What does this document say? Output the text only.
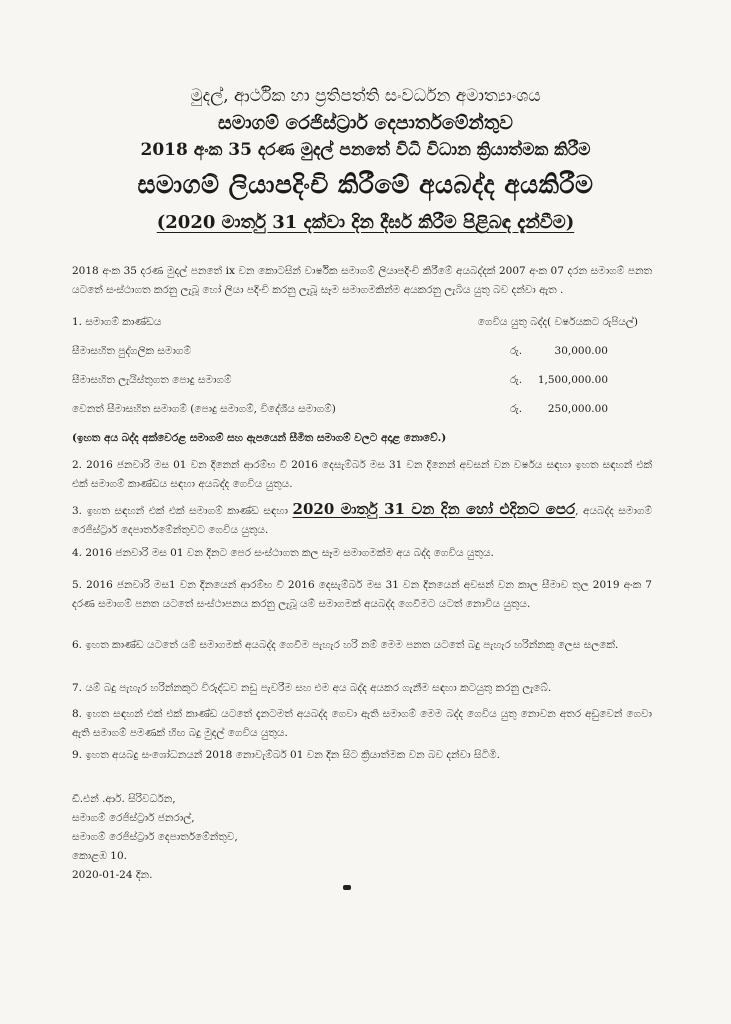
මුදල්, ආර්ථික හා ප්‍රතිපත්ති සංවර්ධන අමාත්‍යාංශය
සමාගම් රෙජිස්ට්‍රාර් දෙපාර්තමේන්තුව
2018 අංක 35 දරණ මුදල් පනතේ විධි විධාන ක්‍රියාත්මක කිරීම
සමාගම් ලියාපදිංචි කිරීමේ අයබද්ද අයකිරීම
(2020 මාර්තු 31 දක්වා දින දීර්ඝ කිරීම පිළිබඳ දැන්වීම)
2018 අංක 35 දරණ මුදල් පනතේ ix වන කොටසින් වාර්ෂික සමාගම් ලියාපදිංචි කිරීමේ අයබද්දක් 2007 අංක 07 දරන සමාගම් පනත යටතේ සංස්ථාගත කරනු ලැබූ හෝ ලියා පදිංචි කරනු ලැබූ සෑම සමාගමකින්ම අයකරනු ලැබිය යුතු බව දන්වා ඇත .
1. සමාගම් කාණ්ඩය	ගෙවිය යුතු බද්ද( වර්ෂයකට රුපියල්)
සීමාසහිත පුද්ගලික සමාගම්	රු.	30,000.00
සීමාසහිත ලැයිස්තුගත පොදු සමාගම්	රු. 1,500,000.00
වෙනත් සීමාසහිත සමාගම් (පොදු සමාගම්, විදේශීය සමාගම්)	රු. 250,000.00
(ඉහත අය බද්ද අක්වෙරළ සමාගම් සහ ඇපයෙන් සීමිත සමාගම් වලට අදාළ නොවේ.)
2. 2016 ජනවාරි මස 01 වන දිනෙන් ආරම්භ වී 2016 දෙසැම්බර් මස 31 වන දිනෙන් අවසන් වන වර්ෂය සඳහා ඉහත සඳහන් එක් එක් සමාගම් කාණ්ඩය සඳහා අයබද්ද ගෙවිය යුතුය.
3. ඉහත සඳහන් එක් එක් සමාගම් කාණ්ඩ සඳහා 2020 මාර්තු 31 වන දින හෝ එදිනට පෙර, අයබද්ද සමාගම් රෙජිස්ට්‍රාර් දෙපාර්තමේන්තුවට ගෙවිය යුතුය.
4. 2016 ජනවාරි මස 01 වන දිනට පෙර සංස්ථාගත කල සෑම සමාගමක්ම අය බද්ද ගෙවිය යුතුය.
5. 2016 ජනවාරි මස1 වන දිනයෙන් ආරම්භ වී 2016 දෙසැම්බර් මස 31 වන දිනයෙන් අවසන් වන කාල සීමාව තුල 2019 අංක 7 දරණ සමාගම් පනත යටතේ සංස්ථාපනය කරනු ලැබූ යම් සමාගමක් අයබද්ද ගෙවීමට යටත් නොවිය යුතුය.
6. ඉහත කාණ්ඩ යටතේ යම් සමාගමක් අයබද්ද ගෙවීම පැහැර හරි නම් මෙම පනත යටතේ බදු පැහැර හරින්නකු ලෙස සලකේ.
7. යම් බදු පැහැර හරින්නකුට විරුද්ධව නඩු පැවරීම සහ එම අය බද්ද අයකර ගැනීම සඳහා කටයුතු කරනු ලැබේ.
8. ඉහත සඳහන් එක් එක් කාණ්ඩ යටතේ දැනටමත් අයබද්ද ගෙවා ඇති සමාගම් මෙම බද්ද ගෙවිය යුතු නොවන අතර අඩුවෙන් ගෙවා ඇති සමාගම් පමණක් හිඟ බදු මුදල් ගෙවිය යුතුය.
9. ඉහත අයබදු සංශෝධනයන් 2018 නොවැම්බර් 01 වන දින සිට ක්‍රියාත්මක වන බව දන්වා සිටිමි.
ඩී.එන් .ආර්. සිරිවර්ධන,
සමාගම් රෙජිස්ට්‍රාර් ජනරාල්,
සමාගම් රෙජිස්ට්‍රාර් දෙපාර්තමේන්තුව,
කොළඹ 10.
2020-01-24 දින.
